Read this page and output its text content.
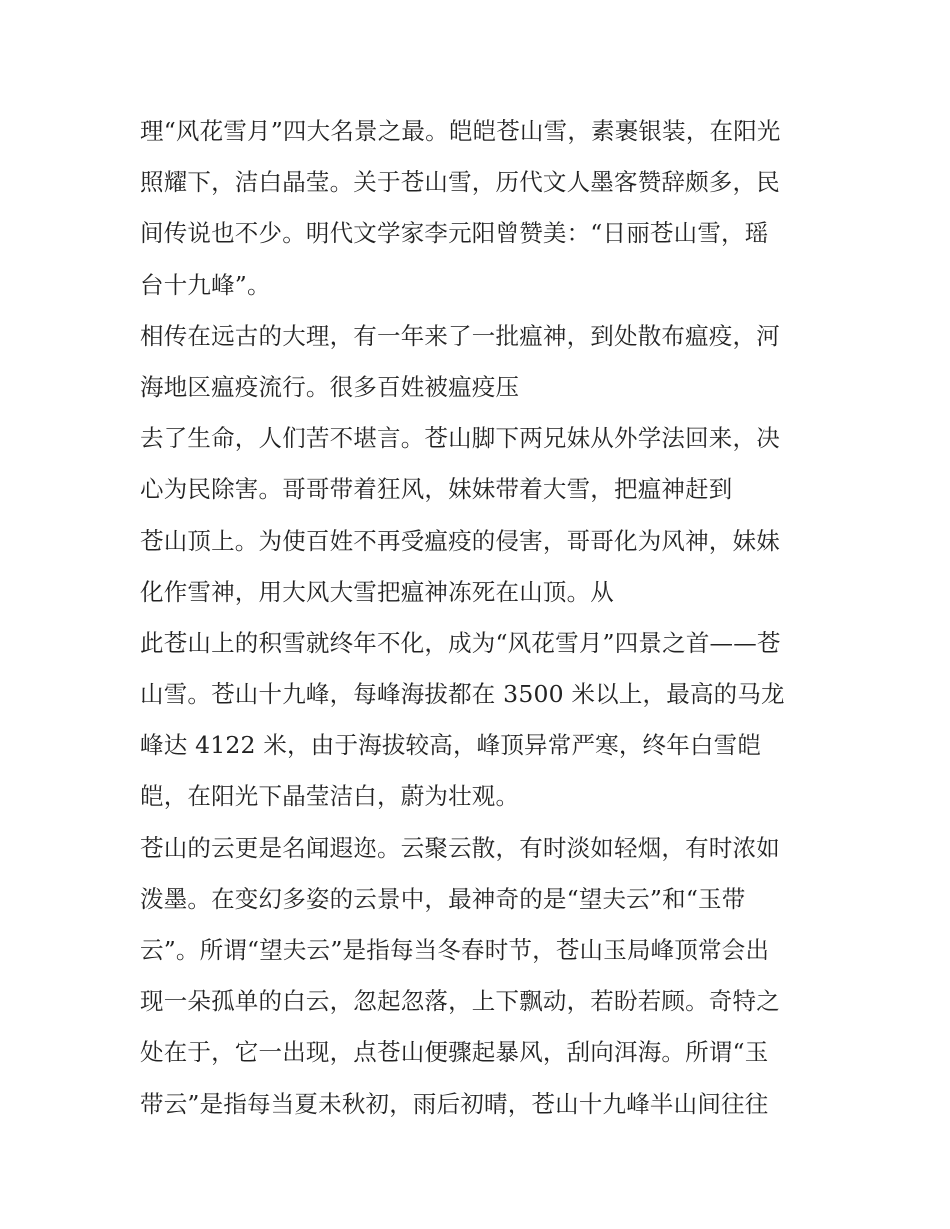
理“风花雪月”四大名景之最。皑皑苍山雪，素裹银装，在阳光
照耀下，洁白晶莹。关于苍山雪，历代文人墨客赞辞颇多，民
间传说也不少。明代文学家李元阳曾赞美：“日丽苍山雪，瑶
台十九峰”。
相传在远古的大理，有一年来了一批瘟神，到处散布瘟疫，河
海地区瘟疫流行。很多百姓被瘟疫压
去了生命，人们苦不堪言。苍山脚下两兄妹从外学法回来，决
心为民除害。哥哥带着狂风，妹妹带着大雪，把瘟神赶到
苍山顶上。为使百姓不再受瘟疫的侵害，哥哥化为风神，妹妹
化作雪神，用大风大雪把瘟神冻死在山顶。从
此苍山上的积雪就终年不化，成为“风花雪月”四景之首——苍
山雪。苍山十九峰，每峰海拔都在 3500 米以上，最高的马龙
峰达 4122 米，由于海拔较高，峰顶异常严寒，终年白雪皑
皑，在阳光下晶莹洁白，蔚为壮观。
苍山的云更是名闻遐迩。云聚云散，有时淡如轻烟，有时浓如
泼墨。在变幻多姿的云景中，最神奇的是“望夫云”和“玉带
云”。所谓“望夫云”是指每当冬春时节，苍山玉局峰顶常会出
现一朵孤单的白云，忽起忽落，上下飘动，若盼若顾。奇特之
处在于，它一出现，点苍山便骤起暴风，刮向洱海。所谓“玉
带云”是指每当夏未秋初，雨后初晴，苍山十九峰半山间往往
